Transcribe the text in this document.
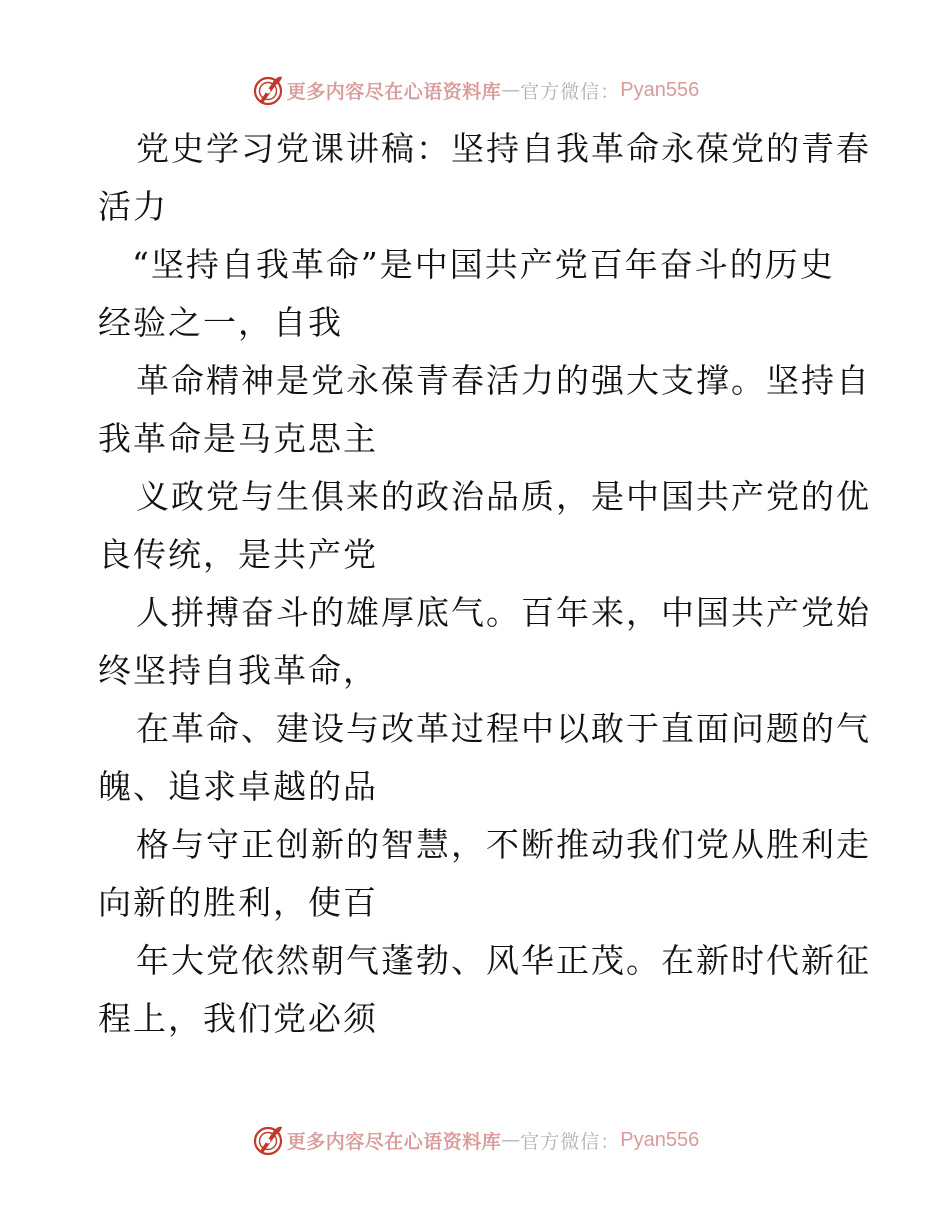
更多内容尽在心语资料库 — 官方微信： Pyan556
党史学习党课讲稿：坚持自我革命永葆党的青春
活力
“坚持自我革命”是中国共产党百年奋斗的历史
经验之一，自我
革命精神是党永葆青春活力的强大支撑。坚持自
我革命是马克思主
义政党与生俱来的政治品质，是中国共产党的优
良传统，是共产党
人拼搏奋斗的雄厚底气。百年来，中国共产党始
终坚持自我革命，
在革命、建设与改革过程中以敢于直面问题的气
魄、追求卓越的品
格与守正创新的智慧，不断推动我们党从胜利走
向新的胜利，使百
年大党依然朝气蓬勃、风华正茂。在新时代新征
程上，我们党必须
更多内容尽在心语资料库 — 官方微信： Pyan556
